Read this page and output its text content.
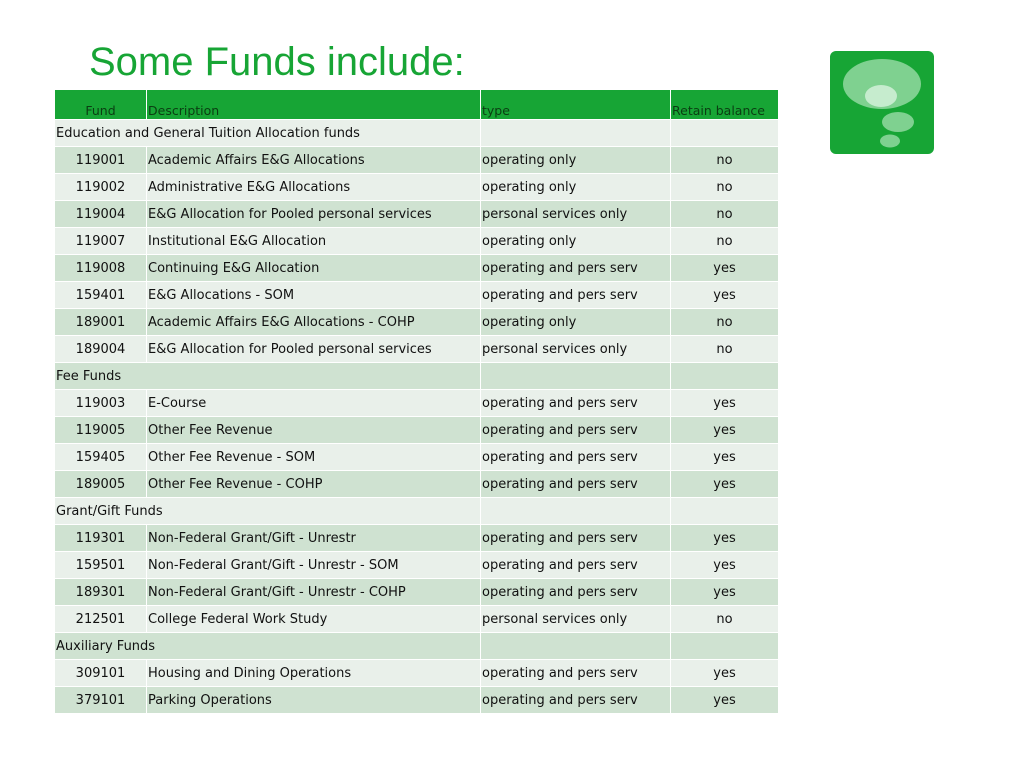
Some Funds include:
Fund	Description	type	Retain balance
Education and General Tuition Allocation funds			
119001	Academic Affairs E&G Allocations	operating only	no
119002	Administrative E&G Allocations	operating only	no
119004	E&G Allocation for Pooled personal services	personal services only	no
119007	Institutional E&G Allocation	operating only	no
119008	Continuing E&G Allocation	operating and pers serv	yes
159401	E&G Allocations - SOM	operating and pers serv	yes
189001	Academic Affairs E&G Allocations - COHP	operating only	no
189004	E&G Allocation for Pooled personal services	personal services only	no
Fee Funds			
119003	E-Course	operating and pers serv	yes
119005	Other Fee Revenue	operating and pers serv	yes
159405	Other Fee Revenue - SOM	operating and pers serv	yes
189005	Other Fee Revenue - COHP	operating and pers serv	yes
Grant/Gift Funds			
119301	Non-Federal Grant/Gift - Unrestr	operating and pers serv	yes
159501	Non-Federal Grant/Gift - Unrestr - SOM	operating and pers serv	yes
189301	Non-Federal Grant/Gift - Unrestr - COHP	operating and pers serv	yes
212501	College Federal Work Study	personal services only	no
Auxiliary Funds			
309101	Housing and Dining Operations	operating and pers serv	yes
379101	Parking Operations	operating and pers serv	yes
